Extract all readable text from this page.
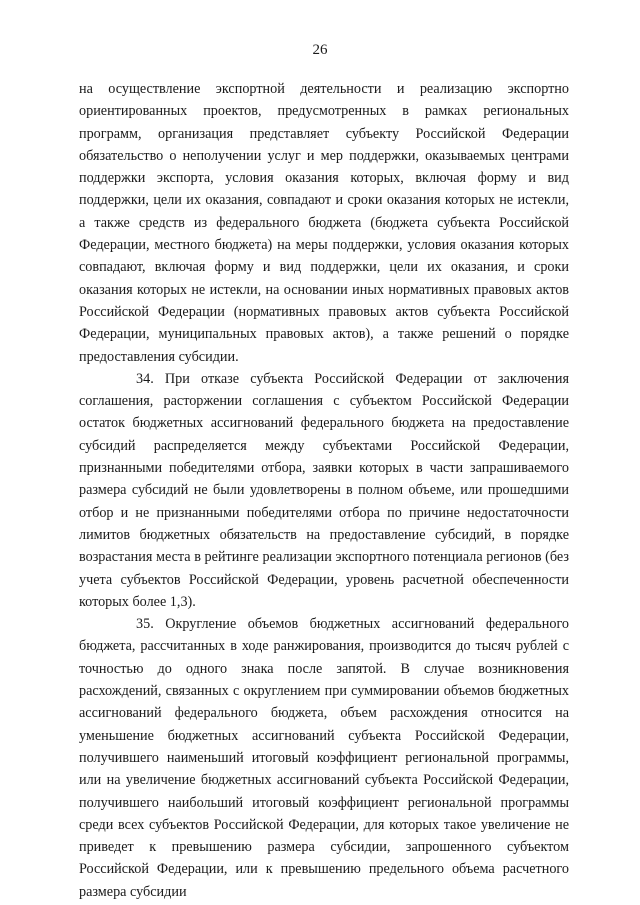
26

на осуществление экспортной деятельности и реализацию экспортно ориентированных проектов, предусмотренных в рамках региональных программ, организация представляет субъекту Российской Федерации обязательство о неполучении услуг и мер поддержки, оказываемых центрами поддержки экспорта, условия оказания которых, включая форму и вид поддержки, цели их оказания, совпадают и сроки оказания которых не истекли, а также средств из федерального бюджета (бюджета субъекта Российской Федерации, местного бюджета) на меры поддержки, условия оказания которых совпадают, включая форму и вид поддержки, цели их оказания, и сроки оказания которых не истекли, на основании иных нормативных правовых актов Российской Федерации (нормативных правовых актов субъекта Российской Федерации, муниципальных правовых актов), а также решений о порядке предоставления субсидии.

34. При отказе субъекта Российской Федерации от заключения соглашения, расторжении соглашения с субъектом Российской Федерации остаток бюджетных ассигнований федерального бюджета на предоставление субсидий распределяется между субъектами Российской Федерации, признанными победителями отбора, заявки которых в части запрашиваемого размера субсидий не были удовлетворены в полном объеме, или прошедшими отбор и не признанными победителями отбора по причине недостаточности лимитов бюджетных обязательств на предоставление субсидий, в порядке возрастания места в рейтинге реализации экспортного потенциала регионов (без учета субъектов Российской Федерации, уровень расчетной обеспеченности которых более 1,3).

35. Округление объемов бюджетных ассигнований федерального бюджета, рассчитанных в ходе ранжирования, производится до тысяч рублей с точностью до одного знака после запятой. В случае возникновения расхождений, связанных с округлением при суммировании объемов бюджетных ассигнований федерального бюджета, объем расхождения относится на уменьшение бюджетных ассигнований субъекта Российской Федерации, получившего наименьший итоговый коэффициент региональной программы, или на увеличение бюджетных ассигнований субъекта Российской Федерации, получившего наибольший итоговый коэффициент региональной программы среди всех субъектов Российской Федерации, для которых такое увеличение не приведет к превышению размера субсидии, запрошенного субъектом Российской Федерации, или к превышению предельного объема расчетного размера субсидии
